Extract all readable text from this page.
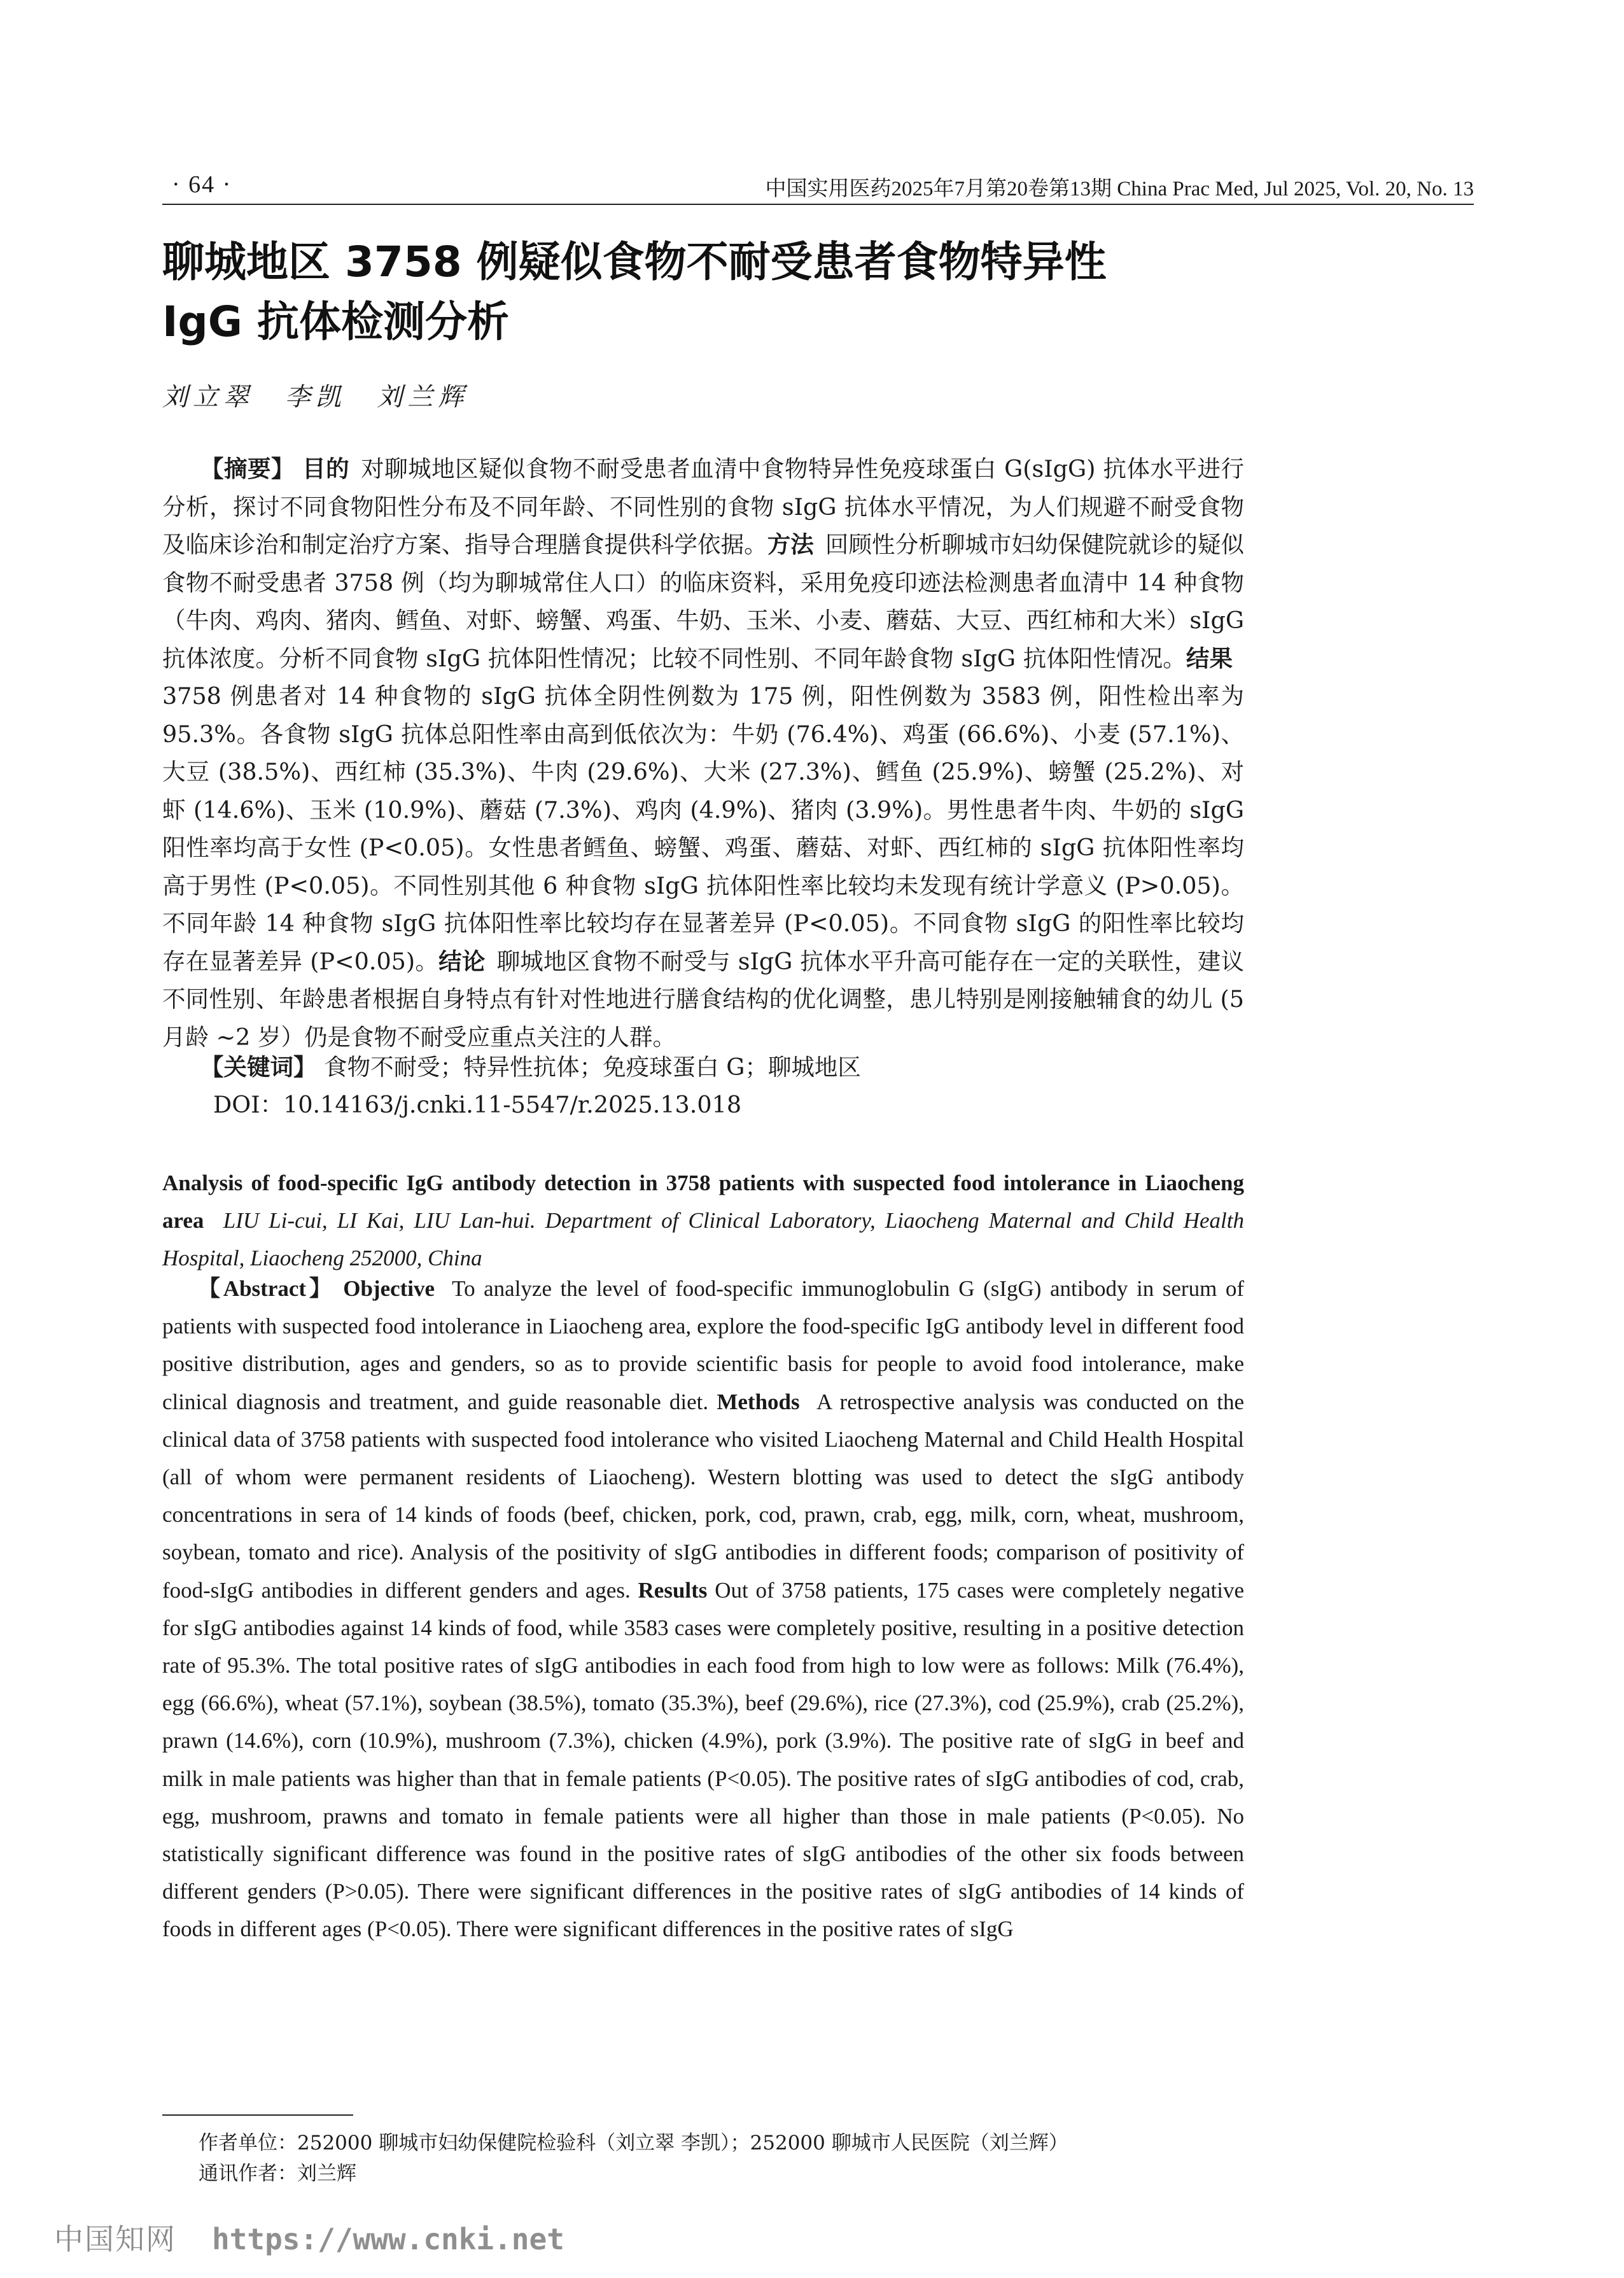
· 64 ·	中国实用医药2025年7月第20卷第13期 China Prac Med, Jul 2025, Vol. 20, No. 13
聊城地区 3758 例疑似食物不耐受患者食物特异性
IgG 抗体检测分析
刘立翠 李凯 刘兰辉
【摘要】 目的 对聊城地区疑似食物不耐受患者血清中食物特异性免疫球蛋白 G(sIgG) 抗体水平进行分析，探讨不同食物阳性分布及不同年龄、不同性别的食物 sIgG 抗体水平情况，为人们规避不耐受食物及临床诊治和制定治疗方案、指导合理膳食提供科学依据。方法 回顾性分析聊城市妇幼保健院就诊的疑似食物不耐受患者 3758 例（均为聊城常住人口）的临床资料，采用免疫印迹法检测患者血清中 14 种食物（牛肉、鸡肉、猪肉、鳕鱼、对虾、螃蟹、鸡蛋、牛奶、玉米、小麦、蘑菇、大豆、西红柿和大米）sIgG 抗体浓度。分析不同食物 sIgG 抗体阳性情况；比较不同性别、不同年龄食物 sIgG 抗体阳性情况。结果3758 例患者对 14 种食物的 sIgG 抗体全阴性例数为 175 例，阳性例数为 3583 例，阳性检出率为 95.3%。各食物 sIgG 抗体总阳性率由高到低依次为：牛奶 (76.4%)、鸡蛋 (66.6%)、小麦 (57.1%)、大豆 (38.5%)、西红柿 (35.3%)、牛肉 (29.6%)、大米 (27.3%)、鳕鱼 (25.9%)、螃蟹 (25.2%)、对虾 (14.6%)、玉米 (10.9%)、蘑菇 (7.3%)、鸡肉 (4.9%)、猪肉 (3.9%)。男性患者牛肉、牛奶的 sIgG 阳性率均高于女性 (P<0.05)。女性患者鳕鱼、螃蟹、鸡蛋、蘑菇、对虾、西红柿的 sIgG 抗体阳性率均高于男性 (P<0.05)。不同性别其他 6 种食物 sIgG 抗体阳性率比较均未发现有统计学意义 (P>0.05)。不同年龄 14 种食物 sIgG 抗体阳性率比较均存在显著差异 (P<0.05)。不同食物 sIgG 的阳性率比较均存在显著差异 (P<0.05)。结论 聊城地区食物不耐受与 sIgG 抗体水平升高可能存在一定的关联性，建议不同性别、年龄患者根据自身特点有针对性地进行膳食结构的优化调整，患儿特别是刚接触辅食的幼儿 (5 月龄 ~2 岁）仍是食物不耐受应重点关注的人群。
【关键词】 食物不耐受；特异性抗体；免疫球蛋白 G；聊城地区
DOI：10.14163/j.cnki.11-5547/r.2025.13.018
Analysis of food-specific IgG antibody detection in 3758 patients with suspected food intolerance in Liaocheng area LIU Li-cui, LI Kai, LIU Lan-hui. Department of Clinical Laboratory, Liaocheng Maternal and Child Health Hospital, Liaocheng 252000, China
【Abstract】 Objective To analyze the level of food-specific immunoglobulin G (sIgG) antibody in serum of patients with suspected food intolerance in Liaocheng area, explore the food-specific IgG antibody level in different food positive distribution, ages and genders, so as to provide scientific basis for people to avoid food intolerance, make clinical diagnosis and treatment, and guide reasonable diet. Methods A retrospective analysis was conducted on the clinical data of 3758 patients with suspected food intolerance who visited Liaocheng Maternal and Child Health Hospital (all of whom were permanent residents of Liaocheng). Western blotting was used to detect the sIgG antibody concentrations in sera of 14 kinds of foods (beef, chicken, pork, cod, prawn, crab, egg, milk, corn, wheat, mushroom, soybean, tomato and rice). Analysis of the positivity of sIgG antibodies in different foods; comparison of positivity of food-sIgG antibodies in different genders and ages. Results Out of 3758 patients, 175 cases were completely negative for sIgG antibodies against 14 kinds of food, while 3583 cases were completely positive, resulting in a positive detection rate of 95.3%. The total positive rates of sIgG antibodies in each food from high to low were as follows: Milk (76.4%), egg (66.6%), wheat (57.1%), soybean (38.5%), tomato (35.3%), beef (29.6%), rice (27.3%), cod (25.9%), crab (25.2%), prawn (14.6%), corn (10.9%), mushroom (7.3%), chicken (4.9%), pork (3.9%). The positive rate of sIgG in beef and milk in male patients was higher than that in female patients (P<0.05). The positive rates of sIgG antibodies of cod, crab, egg, mushroom, prawns and tomato in female patients were all higher than those in male patients (P<0.05). No statistically significant difference was found in the positive rates of sIgG antibodies of the other six foods between different genders (P>0.05). There were significant differences in the positive rates of sIgG antibodies of 14 kinds of foods in different ages (P<0.05). There were significant differences in the positive rates of sIgG
作者单位：252000 聊城市妇幼保健院检验科（刘立翠 李凯）；252000 聊城市人民医院（刘兰辉）
通讯作者：刘兰辉
中国知网 https://www.cnki.net
